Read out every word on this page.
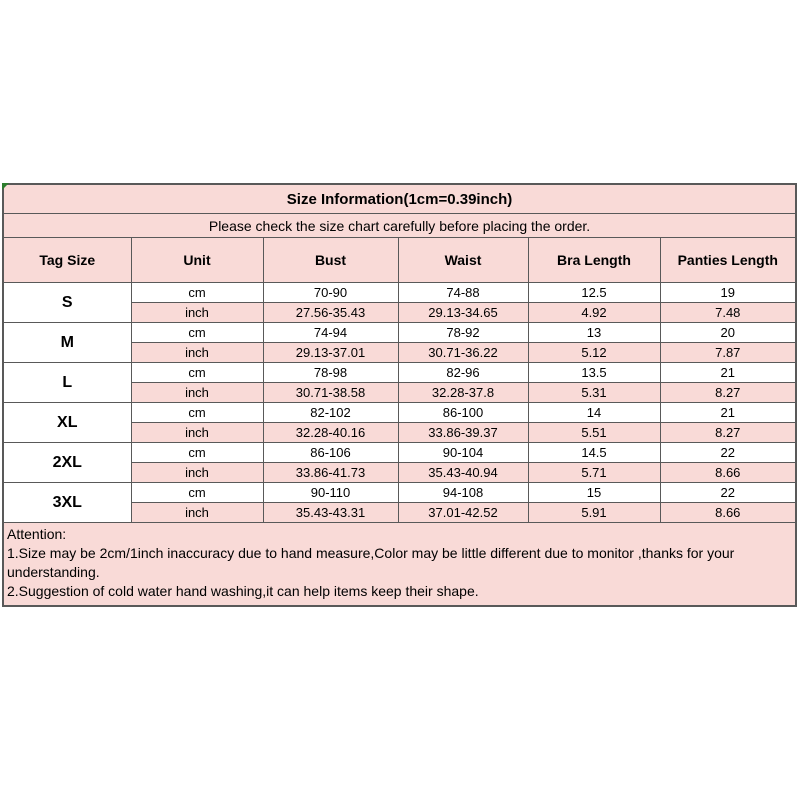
Size Information(1cm=0.39inch)					
Please check the size chart carefully before placing the order.					
Tag Size	Unit	Bust	Waist	Bra Length	Panties Length
S	cm	70-90	74-88	12.5	19
	inch	27.56-35.43	29.13-34.65	4.92	7.48
M	cm	74-94	78-92	13	20
	inch	29.13-37.01	30.71-36.22	5.12	7.87
L	cm	78-98	82-96	13.5	21
	inch	30.71-38.58	32.28-37.8	5.31	8.27
XL	cm	82-102	86-100	14	21
	inch	32.28-40.16	33.86-39.37	5.51	8.27
2XL	cm	86-106	90-104	14.5	22
	inch	33.86-41.73	35.43-40.94	5.71	8.66
3XL	cm	90-110	94-108	15	22
	inch	35.43-43.31	37.01-42.52	5.91	8.66

Attention:
1.Size may be 2cm/1inch inaccuracy due to hand measure,Color may be little different due to monitor ,thanks for your understanding.
2.Suggestion of cold water hand washing,it can help items keep their shape.					
